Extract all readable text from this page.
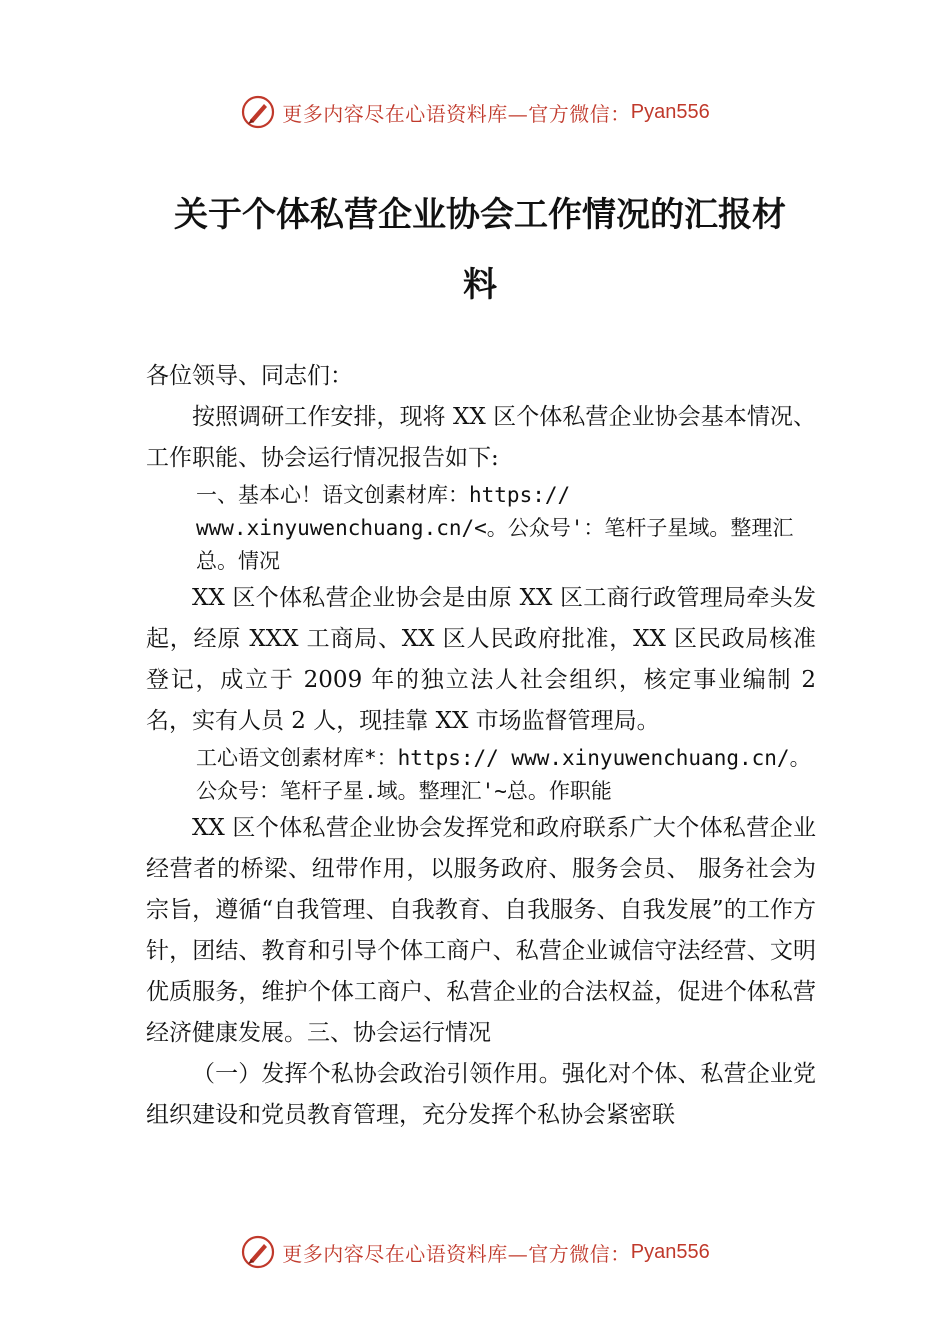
更多内容尽在心语资料库—官方微信： Pyan556
关于个体私营企业协会工作情况的汇报材
料

各位领导、同志们：

按照调研工作安排，现将 XX 区个体私营企业协会基本情况、工作职能、协会运行情况报告如下:

一、基本心！语文创素材库：https:// www.xinyuwenchuang.cn/<。公众号'：笔杆子星域。整理汇总。情况

XX 区个体私营企业协会是由原 XX 区工商行政管理局牵头发起，经原 XXX 工商局、XX 区人民政府批准，XX 区民政局核准登记，成立于 2009 年的独立法人社会组织，核定事业编制 2 名，实有人员 2 人，现挂靠 XX 市场监督管理局。

工心语文创素材库*：https:// www.xinyuwenchuang.cn/。公众号：笔杆子星.域。整理汇'~总。作职能

XX 区个体私营企业协会发挥党和政府联系广大个体私营企业经营者的桥梁、纽带作用，以服务政府、服务会员、 服务社会为宗旨，遵循“自我管理、自我教育、自我服务、自我发展”的工作方针，团结、教育和引导个体工商户、私营企业诚信守法经营、文明优质服务，维护个体工商户、私营企业的合法权益，促进个体私营经济健康发展。三、协会运行情况

（一）发挥个私协会政治引领作用。强化对个体、私营企业党组织建设和党员教育管理，充分发挥个私协会紧密联

更多内容尽在心语资料库—官方微信： Pyan556
